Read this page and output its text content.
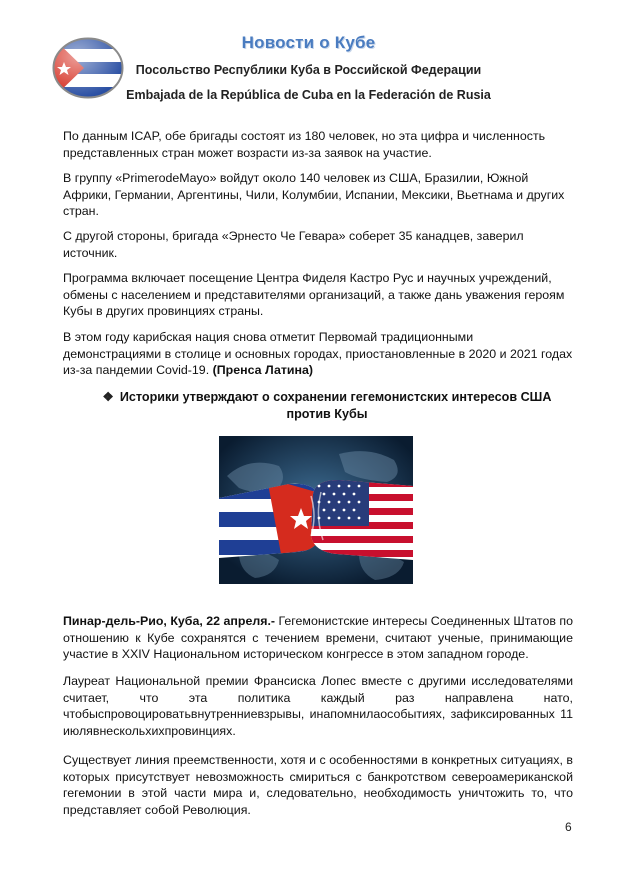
Новости о Кубе
Посольство Республики Куба в Российской Федерации
Embajada de la República de Cuba en la Federación de Rusia

По данным ICAP, обе бригады состоят из 180 человек, но эта цифра и численность представленных стран может возрасти из-за заявок на участие.

В группу «PrimerodeMayo» войдут около 140 человек из США, Бразилии, Южной Африки, Германии, Аргентины, Чили, Колумбии, Испании, Мексики, Вьетнама и других стран.

С другой стороны, бригада «Эрнесто Че Гевара» соберет 35 канадцев, заверил источник.

Программа включает посещение Центра Фиделя Кастро Рус и научных учреждений, обмены с населением и представителями организаций, а также дань уважения героям Кубы в других провинциях страны.

В этом году карибская нация снова отметит Первомай традиционными демонстрациями в столице и основных городах, приостановленные в 2020 и 2021 годах из-за пандемии Covid-19. (Пренса Латина)

❖ Историки утверждают о сохранении гегемонистских интересов США против Кубы

Пинар-дель-Рио, Куба, 22 апреля.- Гегемонистские интересы Соединенных Штатов по отношению к Кубе сохранятся с течением времени, считают ученые, принимающие участие в XXIV Национальном историческом конгрессе в этом западном городе.

Лауреат Национальной премии Франсиска Лопес вместе с другими исследователями считает, что эта политика каждый раз направлена нато, чтобыспровоцироватьвнутренниевзрывы, инапомнилаособытиях, зафиксированных 11 июлявнескольхихпровинциях.

Существует линия преемственности, хотя и с особенностями в конкретных ситуациях, в которых присутствует невозможность смириться с банкротством североамериканской гегемонии в этой части мира и, следовательно, необходимость уничтожить то, что представляет собой Революция.

6
